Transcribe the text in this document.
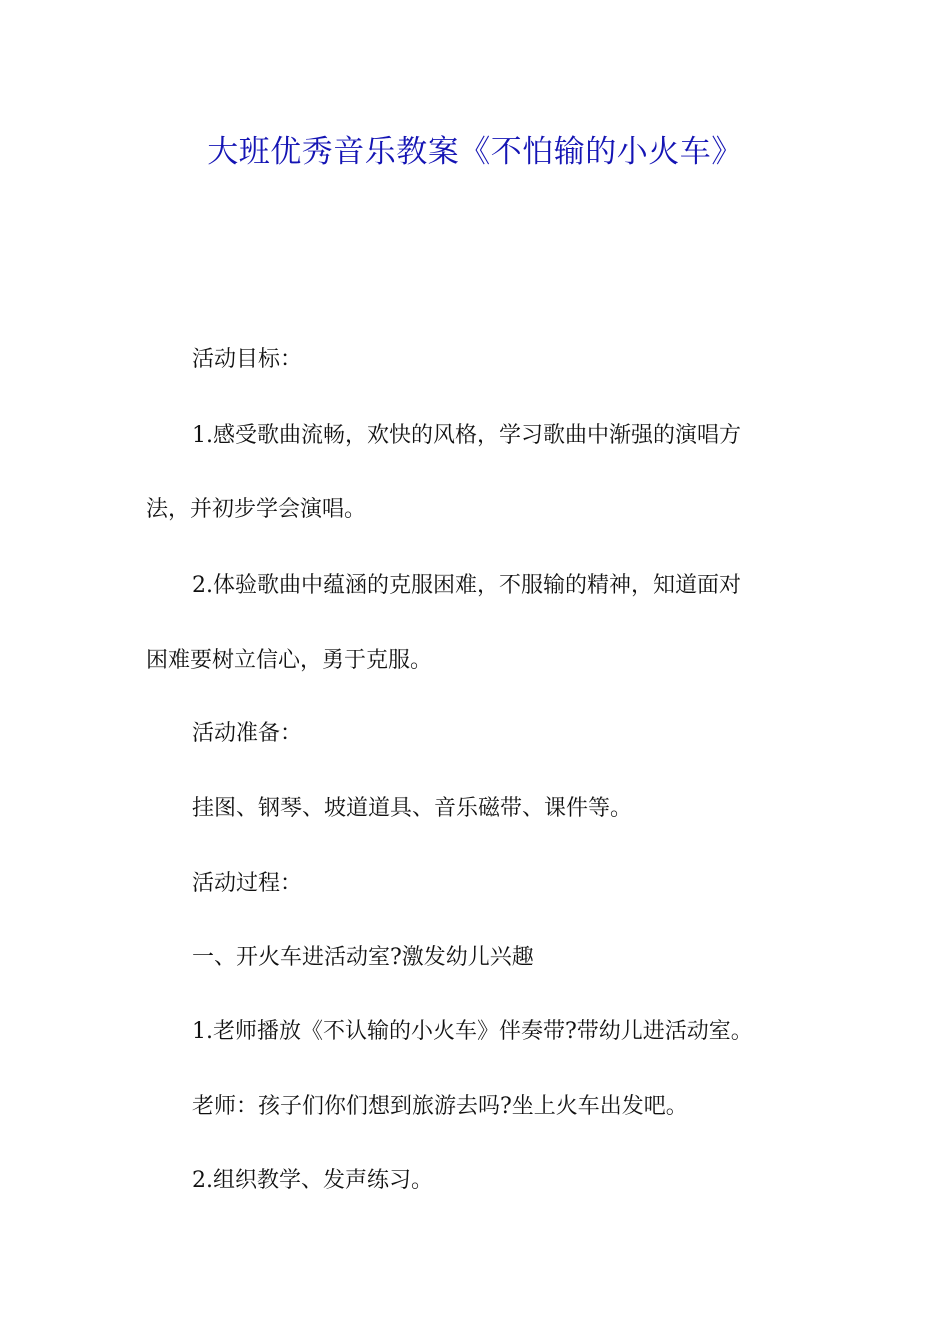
大班优秀音乐教案《不怕输的小火车》
活动目标：
1.感受歌曲流畅，欢快的风格，学习歌曲中渐强的演唱方
法，并初步学会演唱。
2.体验歌曲中蕴涵的克服困难，不服输的精神，知道面对
困难要树立信心，勇于克服。
活动准备：
挂图、钢琴、坡道道具、音乐磁带、课件等。
活动过程：
一、开火车进活动室?激发幼儿兴趣
1.老师播放《不认输的小火车》伴奏带?带幼儿进活动室。
老师：孩子们你们想到旅游去吗?坐上火车出发吧。
2.组织教学、发声练习。
